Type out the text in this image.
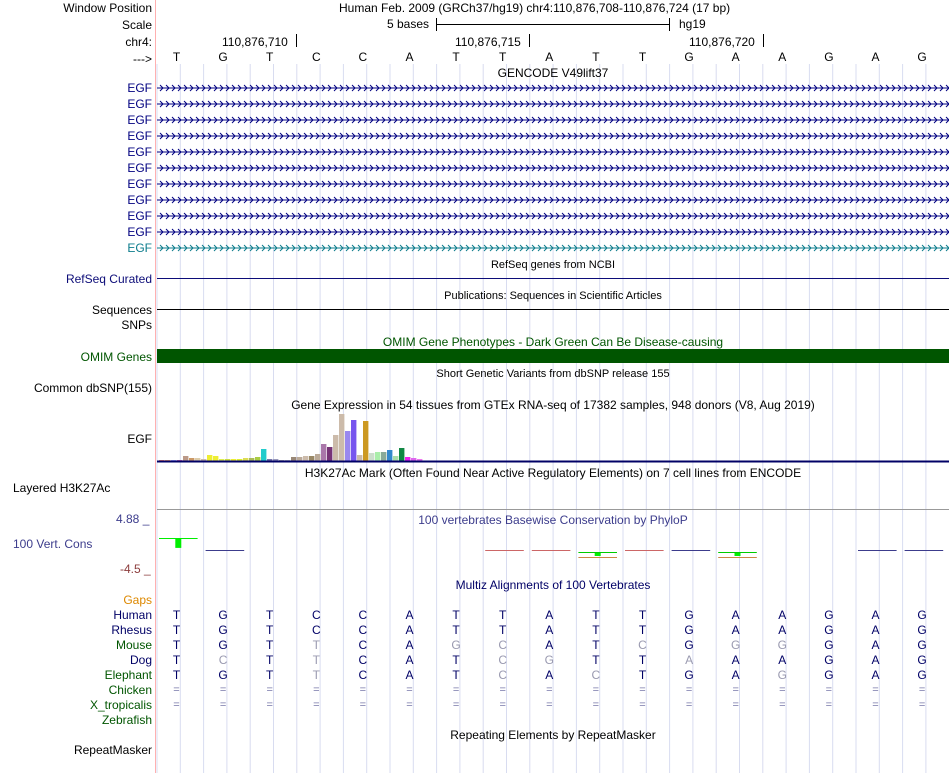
Window Position
Scale
chr4:
--->
Human Feb. 2009 (GRCh37/hg19) chr4:110,876,708-110,876,724 (17 bp)
5 bases	hg19
110,876,710	110,876,715	110,876,720
T	G	T	C	C	A	T	T	A	T	T	G	A	A	G	A	G
GENCODE V49lift37
EGF
EGF
EGF
EGF
EGF
EGF
EGF
EGF
EGF
EGF
EGF
RefSeq genes from NCBI
RefSeq Curated
Publications: Sequences in Scientific Articles
Sequences
SNPs
OMIM Gene Phenotypes - Dark Green Can Be Disease-causing
OMIM Genes
Short Genetic Variants from dbSNP release 155
Common dbSNP(155)
Gene Expression in 54 tissues from GTEx RNA-seq of 17382 samples, 948 donors (V8, Aug 2019)
EGF
H3K27Ac Mark (Often Found Near Active Regulatory Elements) on 7 cell lines from ENCODE
Layered H3K27Ac
100 vertebrates Basewise Conservation by PhyloP
4.88 _
100 Vert. Cons
-4.5 _
Multiz Alignments of 100 Vertebrates
Gaps
Human	T	G	T	C	C	A	T	T	A	T	T	G	A	A	G	A	G
Rhesus	T	G	T	C	C	A	T	T	A	T	T	G	A	A	G	A	G
Mouse	T	G	T	T	C	A	G	C	A	T	C	G	G	G	G	A	G
Dog	T	C	T	T	C	A	T	C	G	T	T	A	A	A	G	A	G
Elephant	T	G	T	T	C	A	T	C	A	C	T	G	A	G	G	A	G
Chicken	=	=	=	=	=	=	=	=	=	=	=	=	=	=	=	=	=
X_tropicalis	=	=	=	=	=	=	=	=	=	=	=	=	=	=	=	=	=
Zebrafish
Repeating Elements by RepeatMasker
RepeatMasker
